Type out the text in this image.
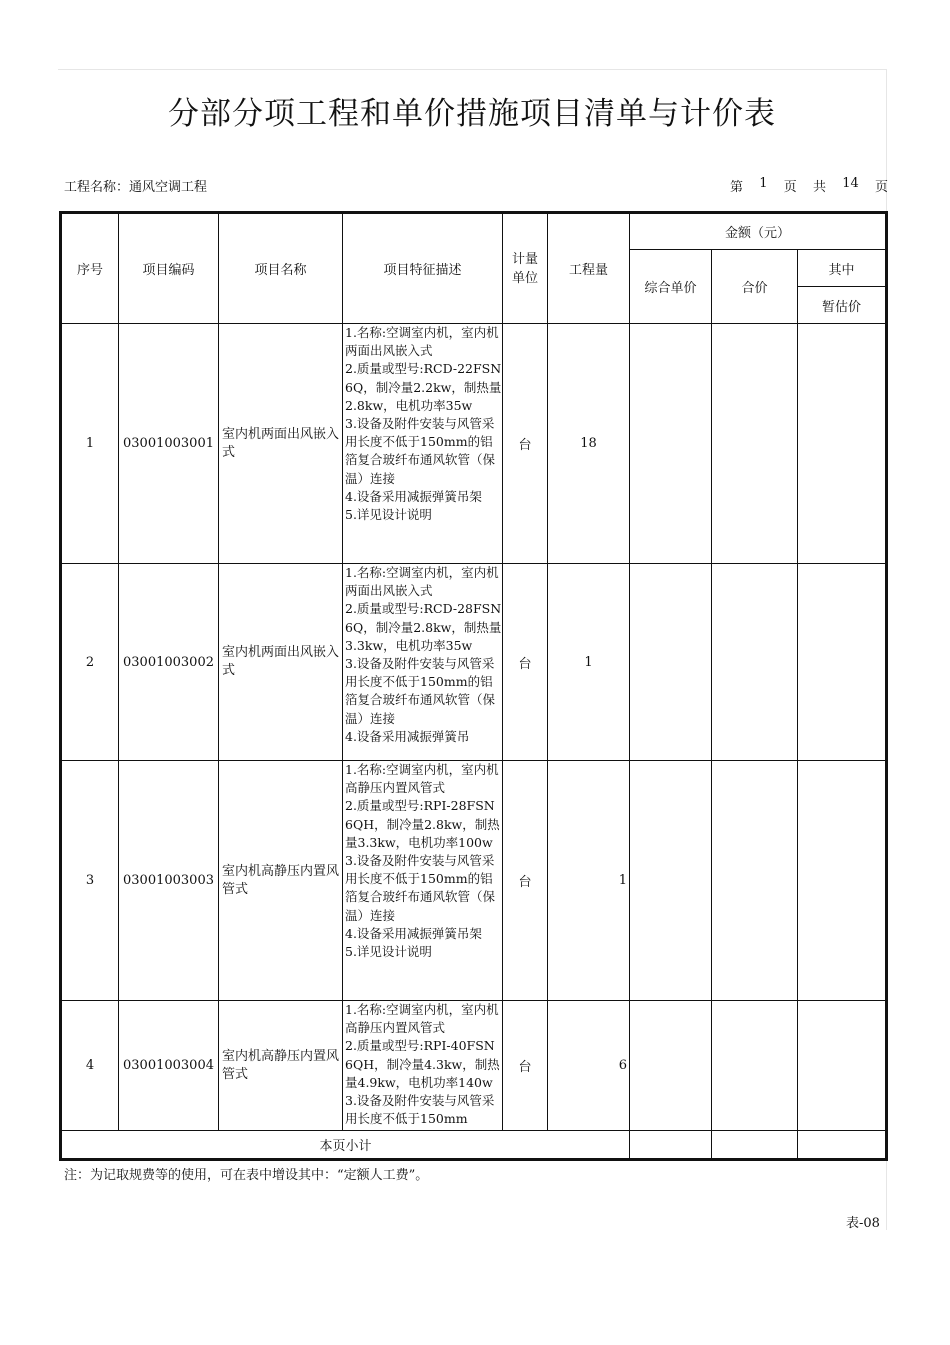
分部分项工程和单价措施项目清单与计价表
工程名称：通风空调工程	第 1 页 共 14 页
序号	项目编码	项目名称	项目特征描述	计量单位	工程量	金额（元）		
						综合单价	合价	其中
								暂估价
1	030​01003001	室内机两面出风嵌入式	1.名称:空调室内机，室内机两面出风嵌入式
2.质量或型号:RCD-22FSN6Q，制冷量2.2kw，制热量2.8kw，电机功率35w
3.设备及附件安装与风管采用长度不低于150mm的铝箔复合玻纤布通风软管（保温）连接
4.设备采用减振弹簧吊架
5.详见设计说明	台	18			
2	030​01003002	室内机两面出风嵌入式	1.名称:空调室内机，室内机两面出风嵌入式
2.质量或型号:RCD-28FSN6Q，制冷量2.8kw，制热量3.3kw，电机功率35w
3.设备及附件安装与风管采用长度不低于150mm的铝箔复合玻纤布通风软管（保温）连接
4.设备采用减振弹簧吊	台	1			
3	030​01003003	室内机高静压内置风管式	1.名称:空调室内机，室内机高静压内置风管式
2.质量或型号:RPI-28FSN6QH，制冷量2.8kw，制热量3.3kw，电机功率100w
3.设备及附件安装与风管采用长度不低于150mm的铝箔复合玻纤布通风软管（保温）连接
4.设备采用减振弹簧吊架
5.详见设计说明	台	1			
4	030​01003004	室内机高静压内置风管式	1.名称:空调室内机，室内机高静压内置风管式
2.质量或型号:RPI-40FSN6QH，制冷量4.3kw，制热量4.9kw，电机功率140w
3.设备及附件安装与风管采用长度不低于150mm	台	6			
本页小计								
注：为记取规费等的使用，可在表中增设其中：“定额人工费”。
表-08
